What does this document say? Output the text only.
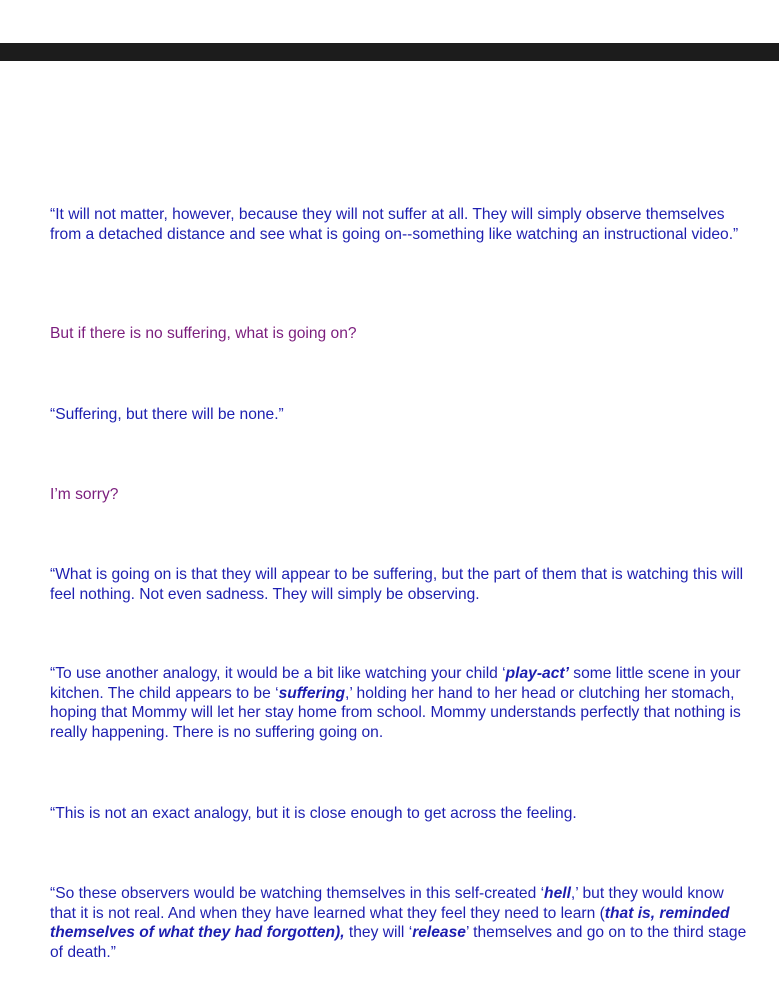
“It will not matter, however, because they will not suffer at all. They will simply observe themselves from a detached distance and see what is going on--something like watching an instructional video.”

But if there is no suffering, what is going on?

“Suffering, but there will be none.”

I’m sorry?

“What is going on is that they will appear to be suffering, but the part of them that is watching this will feel nothing. Not even sadness. They will simply be observing.

“To use another analogy, it would be a bit like watching your child ‘play-act’ some little scene in your kitchen. The child appears to be ‘suffering,’ holding her hand to her head or clutching her stomach, hoping that Mommy will let her stay home from school. Mommy understands perfectly that nothing is really happening. There is no suffering going on.

“This is not an exact analogy, but it is close enough to get across the feeling.

“So these observers would be watching themselves in this self-created ‘hell,’ but they would know that it is not real. And when they have learned what they feel they need to learn (that is, reminded themselves of what they had forgotten), they will ‘release’ themselves and go on to the third stage of death.”
